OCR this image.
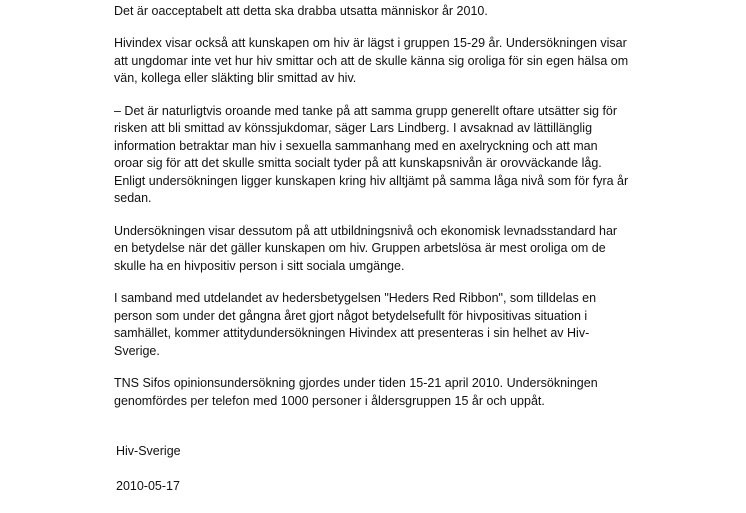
Det är oacceptabelt att detta ska drabba utsatta människor år 2010.

Hivindex visar också att kunskapen om hiv är lägst i gruppen 15-29 år. Undersökningen visar
att ungdomar inte vet hur hiv smittar och att de skulle känna sig oroliga för sin egen hälsa om
vän, kollega eller släkting blir smittad av hiv.

– Det är naturligtvis oroande med tanke på att samma grupp generellt oftare utsätter sig för
risken att bli smittad av könssjukdomar, säger Lars Lindberg. I avsaknad av lättillänglig
information betraktar man hiv i sexuella sammanhang med en axelryckning och att man
oroar sig för att det skulle smitta socialt tyder på att kunskapsnivån är orovväckande låg.
Enligt undersökningen ligger kunskapen kring hiv alltjämt på samma låga nivå som för fyra år
sedan.

Undersökningen visar dessutom på att utbildningsnivå och ekonomisk levnadsstandard har
en betydelse när det gäller kunskapen om hiv. Gruppen arbetslösa är mest oroliga om de
skulle ha en hivpositiv person i sitt sociala umgänge.

I samband med utdelandet av hedersbetygelsen "Heders Red Ribbon", som tilldelas en
person som under det gångna året gjort något betydelsefullt för hivpositivas situation i
samhället, kommer attitydundersökningen Hivindex att presenteras i sin helhet av Hiv-
Sverige.

TNS Sifos opinionsundersökning gjordes under tiden 15-21 april 2010. Undersökningen
genomfördes per telefon med 1000 personer i åldersgruppen 15 år och uppåt.

Hiv-Sverige

2010-05-17
